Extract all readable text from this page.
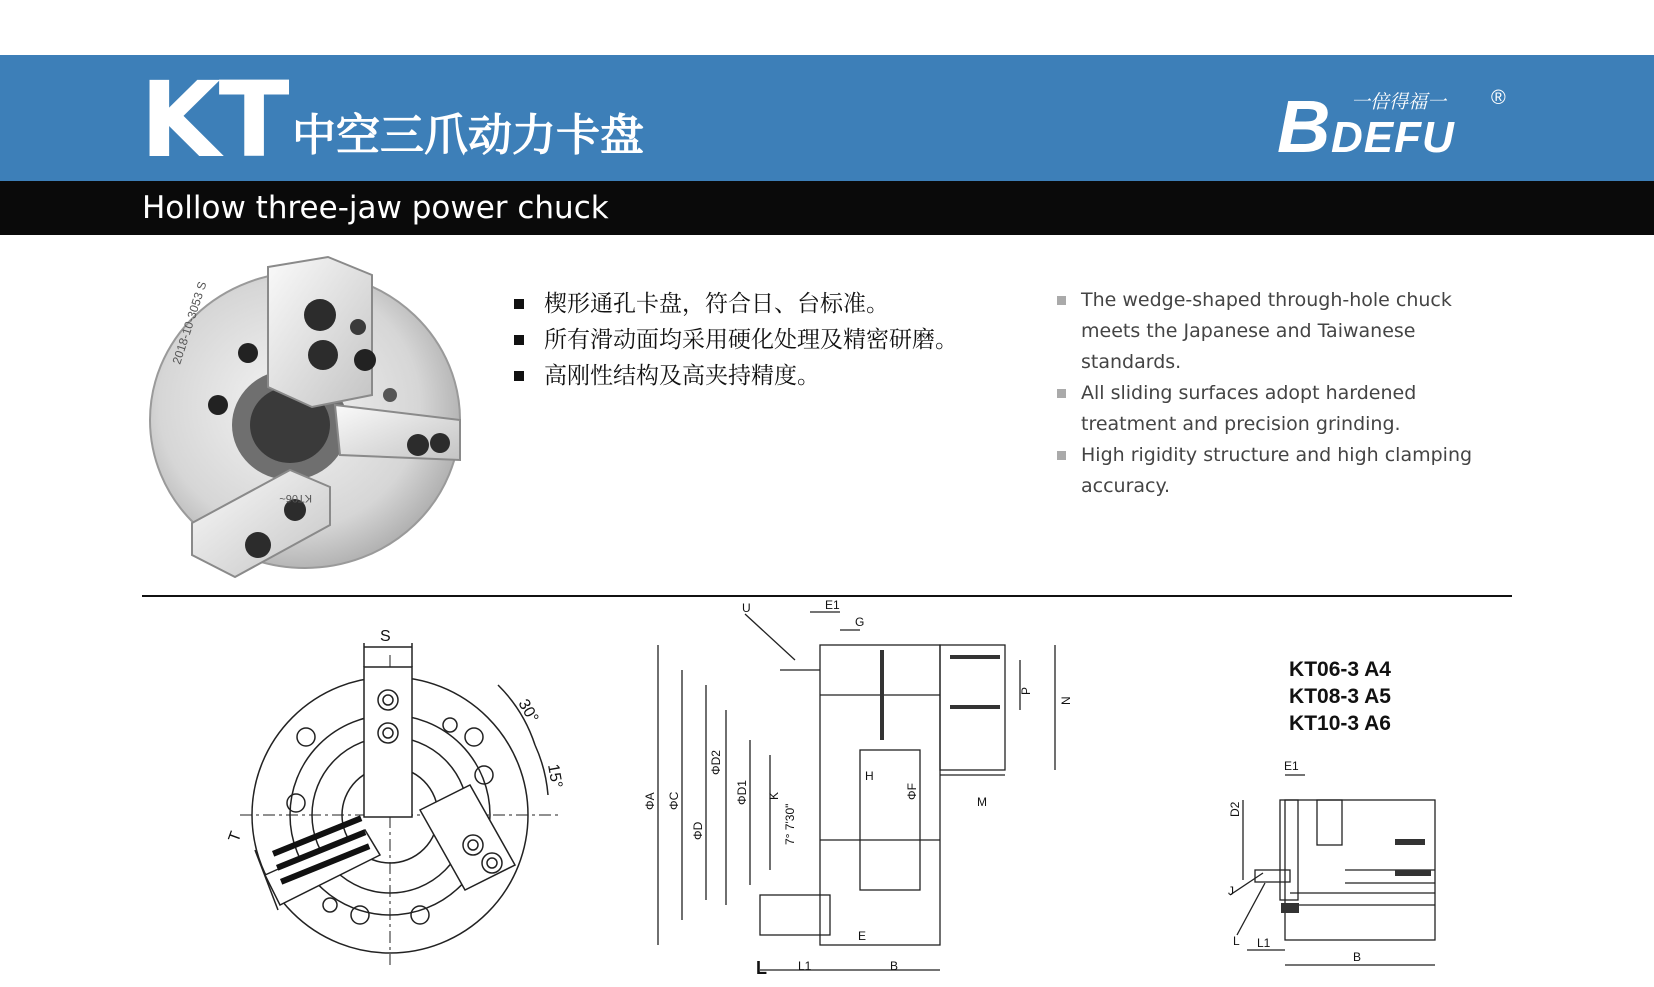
KT 中空三爪动力卡盘
Hollow three-jaw power chuck
B DEFU
一倍得福一 ®
2018-10-3053 S
KT06~
楔形通孔卡盘，符合日、台标准。
所有滑动面均采用硬化处理及精密研磨。
高刚性结构及高夹持精度。
The wedge-shaped through-hole chuck meets the Japanese and Taiwanese standards.
All sliding surfaces adopt hardened treatment and precision grinding.
High rigidity structure and high clamping accuracy.
S
30°
15°
T
E1
G
U
ΦA ΦC
ΦD2
ΦD
ΦD1 K
7° 7'30"
H
ΦF
P
N
M
E
L	L1	B
KT06-3 A4
KT08-3 A5
KT10-3 A6
E1
D2
J
L L1
B
